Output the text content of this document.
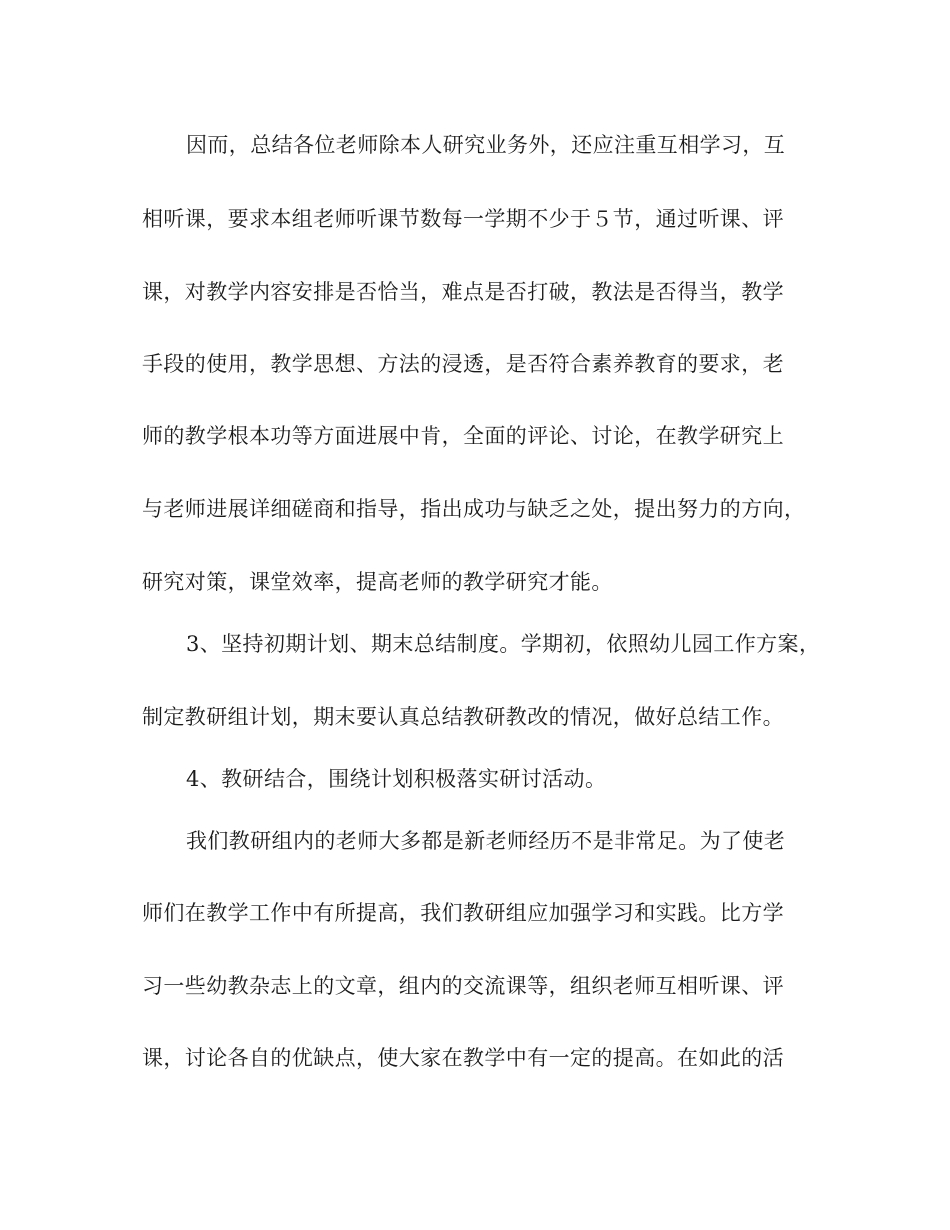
因而，总结各位老师除本人研究业务外，还应注重互相学习，互
相听课，要求本组老师听课节数每一学期不少于５节，通过听课、评
课，对教学内容安排是否恰当，难点是否打破，教法是否得当，教学
手段的使用，教学思想、方法的浸透，是否符合素养教育的要求，老
师的教学根本功等方面进展中肯，全面的评论、讨论，在教学研究上
与老师进展详细磋商和指导，指出成功与缺乏之处，提出努力的方向，
研究对策，课堂效率，提高老师的教学研究才能。
3、坚持初期计划、期末总结制度。学期初，依照幼儿园工作方案，
制定教研组计划，期末要认真总结教研教改的情况，做好总结工作。
4、教研结合，围绕计划积极落实研讨活动。
我们教研组内的老师大多都是新老师经历不是非常足。为了使老
师们在教学工作中有所提高，我们教研组应加强学习和实践。比方学
习一些幼教杂志上的文章，组内的交流课等，组织老师互相听课、评
课，讨论各自的优缺点，使大家在教学中有一定的提高。在如此的活
